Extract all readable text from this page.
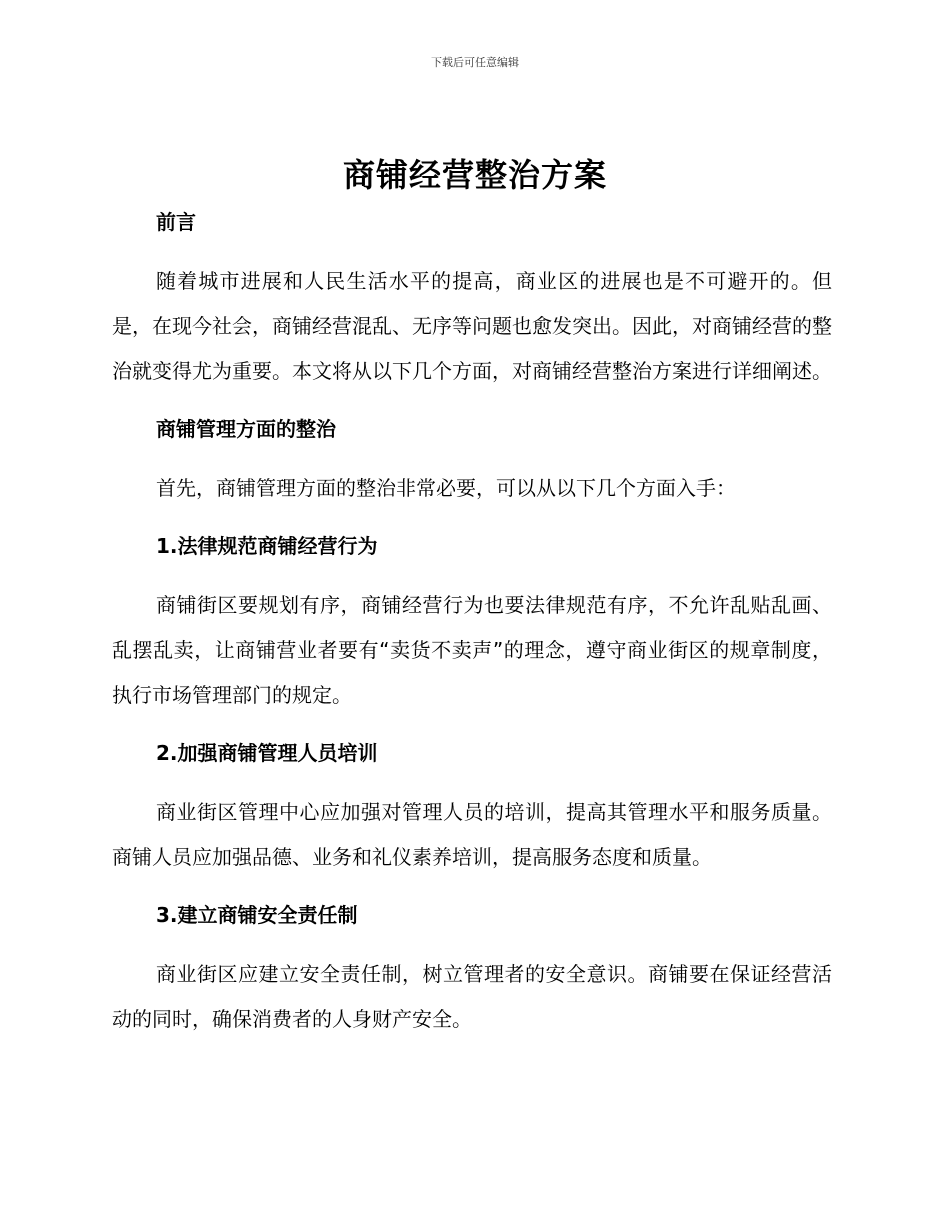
下载后可任意编辑
商铺经营整治方案

前言

随着城市进展和人民生活水平的提高，商业区的进展也是不可避开的。但是，在现今社会，商铺经营混乱、无序等问题也愈发突出。因此，对商铺经营的整治就变得尤为重要。本文将从以下几个方面，对商铺经营整治方案进行详细阐述。

商铺管理方面的整治

首先，商铺管理方面的整治非常必要，可以从以下几个方面入手：

1.法律规范商铺经营行为

商铺街区要规划有序，商铺经营行为也要法律规范有序，不允许乱贴乱画、乱摆乱卖，让商铺营业者要有“卖货不卖声”的理念，遵守商业街区的规章制度，执行市场管理部门的规定。

2.加强商铺管理人员培训

商业街区管理中心应加强对管理人员的培训，提高其管理水平和服务质量。商铺人员应加强品德、业务和礼仪素养培训，提高服务态度和质量。

3.建立商铺安全责任制

商业街区应建立安全责任制，树立管理者的安全意识。商铺要在保证经营活动的同时，确保消费者的人身财产安全。
